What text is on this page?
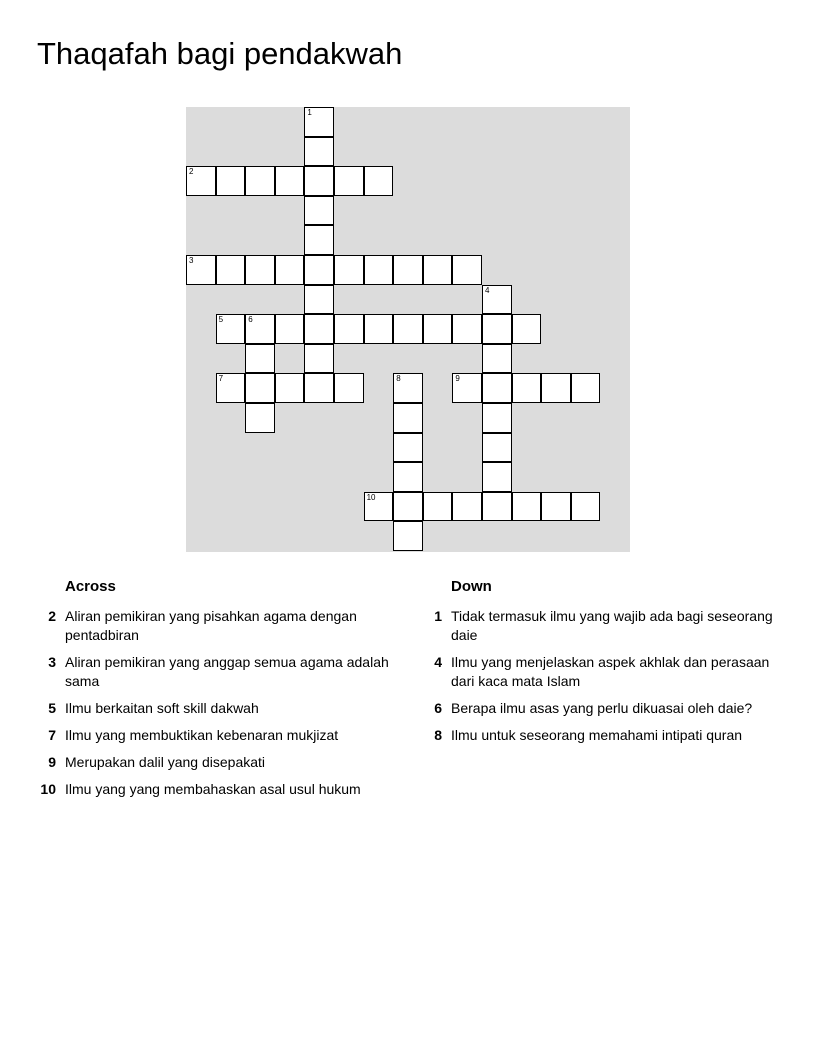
Thaqafah bagi pendakwah
1
2
3
4
5	6
7	8	9
10
Across
2 Aliran pemikiran yang pisahkan agama dengan pentadbiran
3 Aliran pemikiran yang anggap semua agama adalah sama
5 Ilmu berkaitan soft skill dakwah
7 Ilmu yang membuktikan kebenaran mukjizat
9 Merupakan dalil yang disepakati
10 Ilmu yang yang membahaskan asal usul hukum
Down
1 Tidak termasuk ilmu yang wajib ada bagi seseorang daie
4 Ilmu yang menjelaskan aspek akhlak dan perasaan dari kaca mata Islam
6 Berapa ilmu asas yang perlu dikuasai oleh daie?
8 Ilmu untuk seseorang memahami intipati quran
